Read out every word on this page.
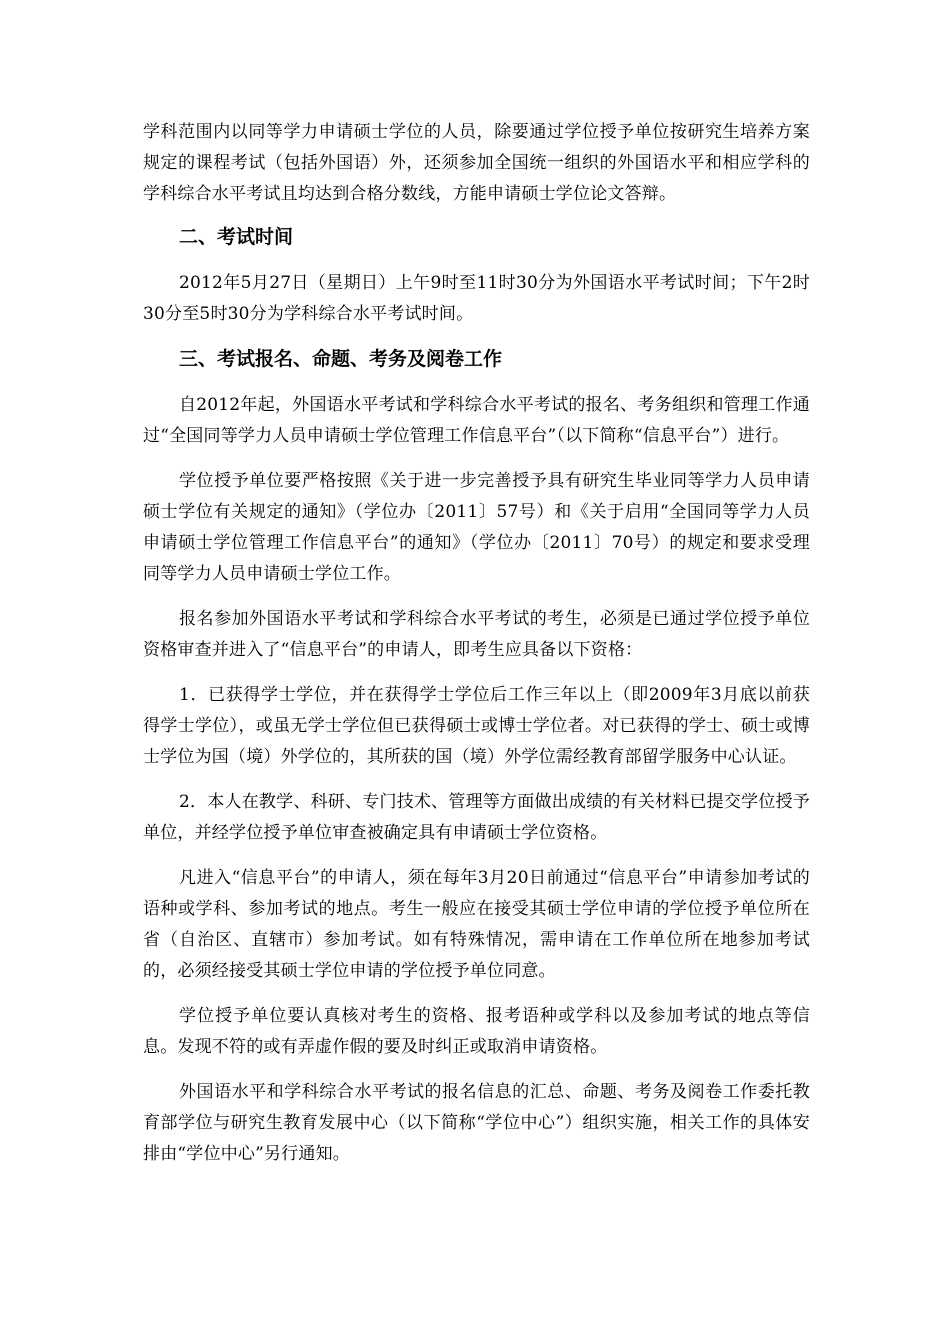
学科范围内以同等学力申请硕士学位的人员，除要通过学位授予单位按研究生培养方案规定的课程考试（包括外国语）外，还须参加全国统一组织的外国语水平和相应学科的学科综合水平考试且均达到合格分数线，方能申请硕士学位论文答辩。

二、考试时间

2012年5月27日（星期日）上午9时至11时30分为外国语水平考试时间；下午2时30分至5时30分为学科综合水平考试时间。

三、考试报名、命题、考务及阅卷工作

自2012年起，外国语水平考试和学科综合水平考试的报名、考务组织和管理工作通过“全国同等学力人员申请硕士学位管理工作信息平台”（以下简称“信息平台”）进行。

学位授予单位要严格按照《关于进一步完善授予具有研究生毕业同等学力人员申请硕士学位有关规定的通知》（学位办〔2011〕57号）和《关于启用“全国同等学力人员申请硕士学位管理工作信息平台”的通知》（学位办〔2011〕70号）的规定和要求受理同等学力人员申请硕士学位工作。

报名参加外国语水平考试和学科综合水平考试的考生，必须是已通过学位授予单位资格审查并进入了“信息平台”的申请人，即考生应具备以下资格：

1．已获得学士学位，并在获得学士学位后工作三年以上（即2009年3月底以前获得学士学位），或虽无学士学位但已获得硕士或博士学位者。对已获得的学士、硕士或博士学位为国（境）外学位的，其所获的国（境）外学位需经教育部留学服务中心认证。

2．本人在教学、科研、专门技术、管理等方面做出成绩的有关材料已提交学位授予单位，并经学位授予单位审查被确定具有申请硕士学位资格。

凡进入“信息平台”的申请人，须在每年3月20日前通过“信息平台”申请参加考试的语种或学科、参加考试的地点。考生一般应在接受其硕士学位申请的学位授予单位所在省（自治区、直辖市）参加考试。如有特殊情况，需申请在工作单位所在地参加考试的，必须经接受其硕士学位申请的学位授予单位同意。

学位授予单位要认真核对考生的资格、报考语种或学科以及参加考试的地点等信息。发现不符的或有弄虚作假的要及时纠正或取消申请资格。

外国语水平和学科综合水平考试的报名信息的汇总、命题、考务及阅卷工作委托教育部学位与研究生教育发展中心（以下简称“学位中心”）组织实施，相关工作的具体安排由“学位中心”另行通知。
